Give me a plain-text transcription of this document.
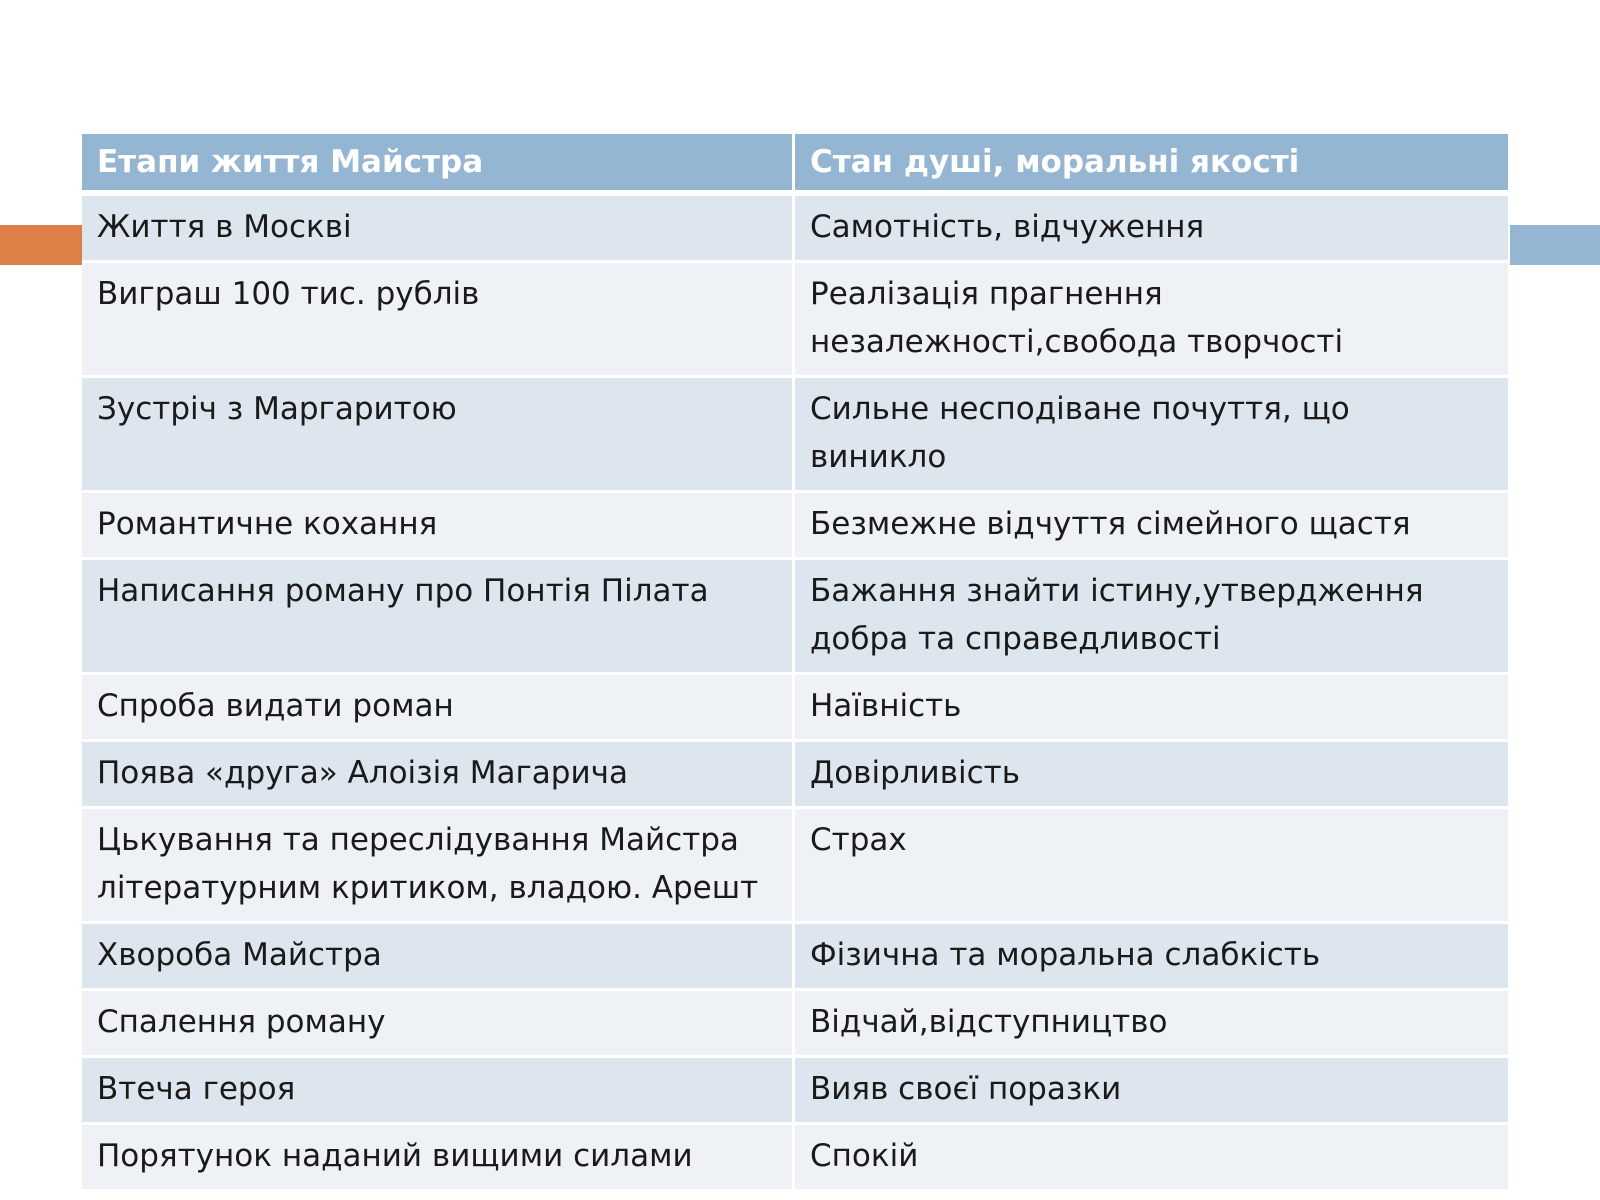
Етапи життя Майстра	Стан душі, моральні якості
Життя в Москві	Самотність, відчуження
Виграш 100 тис. рублів	Реалізація прагнення незалежності,свобода творчості
Зустріч з Маргаритою	Сильне несподіване почуття, що виникло
Романтичне кохання	Безмежне відчуття сімейного щастя
Написання роману про Понтія Пілата	Бажання знайти істину,утвердження добра та справедливості
Спроба видати роман	Наївність
Поява «друга» Алоізія Магарича	Довірливість
Цькування та переслідування Майстра літературним критиком, владою. Арешт	Страх
Хвороба Майстра	Фізична та моральна слабкість
Спалення роману	Відчай,відступництво
Втеча героя	Вияв своєї поразки
Порятунок наданий вищими силами	Спокій
